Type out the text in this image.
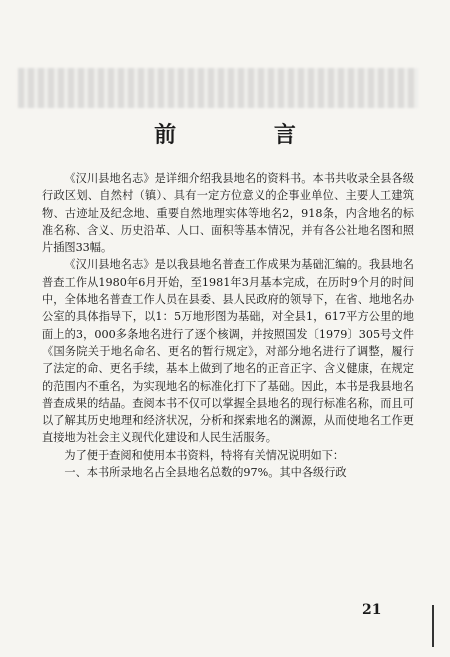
前	言

《汉川县地名志》是详细介绍我县地名的资料书。本书共收录全县各级行政区划、自然村（镇）、具有一定方位意义的企事业单位、主要人工建筑物、古迹址及纪念地、重要自然地理实体等地名2，918条，内含地名的标准名称、含义、历史沿革、人口、面积等基本情况，并有各公社地名图和照片插图33幅。

《汉川县地名志》是以我县地名普查工作成果为基础汇编的。我县地名普查工作从1980年6月开始，至1981年3月基本完成，在历时9个月的时间中，全体地名普查工作人员在县委、县人民政府的领导下，在省、地地名办公室的具体指导下，以1：5万地形图为基础，对全县1，617平方公里的地面上的3，000多条地名进行了逐个核调，并按照国发〔1979〕305号文件《国务院关于地名命名、更名的暂行规定》，对部分地名进行了调整，履行了法定的命、更名手续，基本上做到了地名的正音正字、含义健康，在规定的范围内不重名，为实现地名的标准化打下了基础。因此，本书是我县地名普查成果的结晶。查阅本书不仅可以掌握全县地名的现行标准名称，而且可以了解其历史地理和经济状况，分析和探索地名的渊源，从而使地名工作更直接地为社会主义现代化建设和人民生活服务。

为了便于查阅和使用本书资料，特将有关情况说明如下：

一、本书所录地名占全县地名总数的97%。其中各级行政

21
